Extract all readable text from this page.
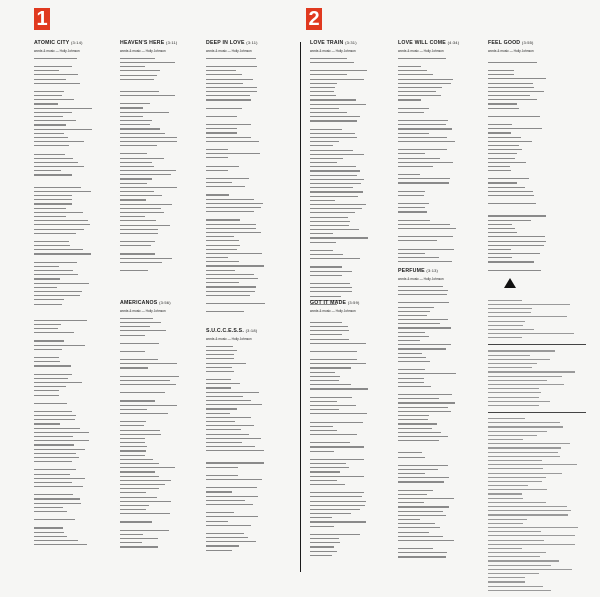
1	2
ATOMIC CITY (3:14)
words & music — Holly Johnson
HEAVEN'S HERE (3:11)
words & music — Holly Johnson
AMERICANOS (3:56)
words & music — Holly Johnson
DEEP IN LOVE (3:11)
words & music — Holly Johnson
S.U.C.C.E.S.S. (3:18)
words & music — Holly Johnson
LOVE TRAIN (3:31)
words & music — Holly Johnson
GOT IT MADE (3:59)
words & music — Holly Johnson
LOVE WILL COME (4:34)
words & music — Holly Johnson
PERFUME (3:13)
words & music — Holly Johnson
FEEL GOOD (3:55)
words & music — Holly Johnson
